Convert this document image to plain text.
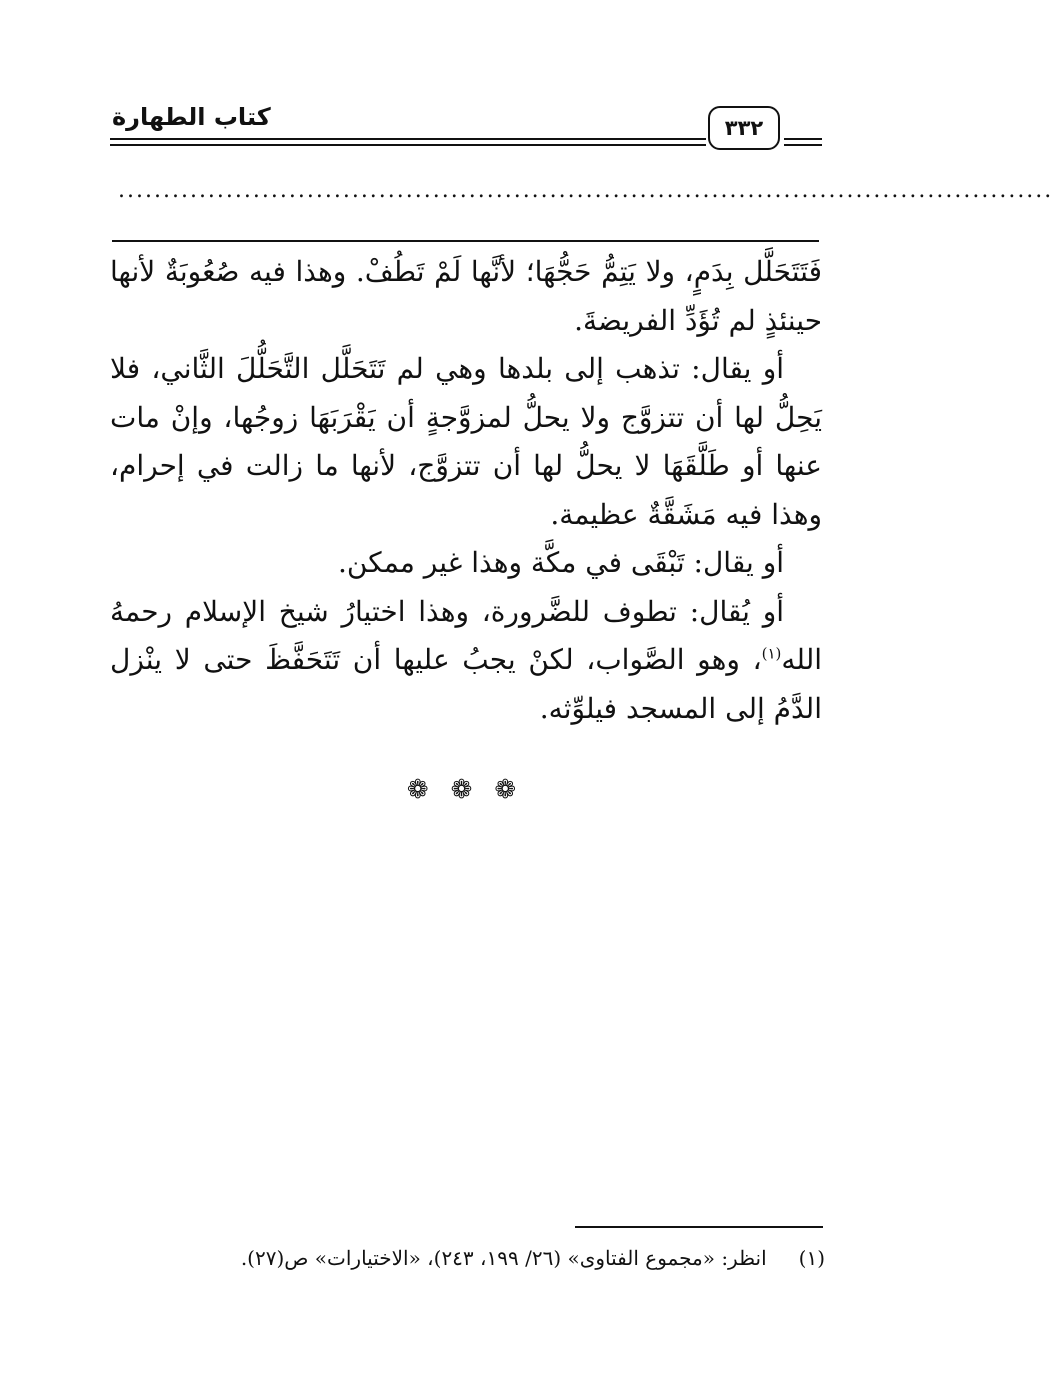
كتاب الطهارة	٣٣٢
........................................................................................................

فَتَتَحَلَّل بِدَمٍ، ولا يَتِمُّ حَجُّهَا؛ لأنَّها لَمْ تَطُفْ. وهذا فيه صُعُوبَةٌ لأنها حينئذٍ لم تُؤَدِّ الفريضةَ.

أو يقال: تذهب إلى بلدها وهي لم تَتَحَلَّل التَّحَلُّلَ الثَّاني، فلا يَحِلُّ لها أن تتزوَّج ولا يحلُّ لمزوَّجةٍ أن يَقْرَبَهَا زوجُها، وإنْ مات عنها أو طَلَّقَهَا لا يحلُّ لها أن تتزوَّج، لأنها ما زالت في إحرام، وهذا فيه مَشَقَّةٌ عظيمة.

أو يقال: تَبْقَى في مكَّة وهذا غير ممكن.

أو يُقال: تطوف للضَّرورة، وهذا اختيارُ شيخ الإسلام رحمهُ الله$^{(١)}$، وهو الصَّواب، لكنْ يجبُ عليها أن تَتَحَفَّظَ حتى لا ينْزل الدَّمُ إلى المسجد فيلوِّثه.

❁❁❁
(١)انظر: «مجموع الفتاوى» (٢٦/ ١٩٩، ٢٤٣)، «الاختيارات» ص(٢٧).
